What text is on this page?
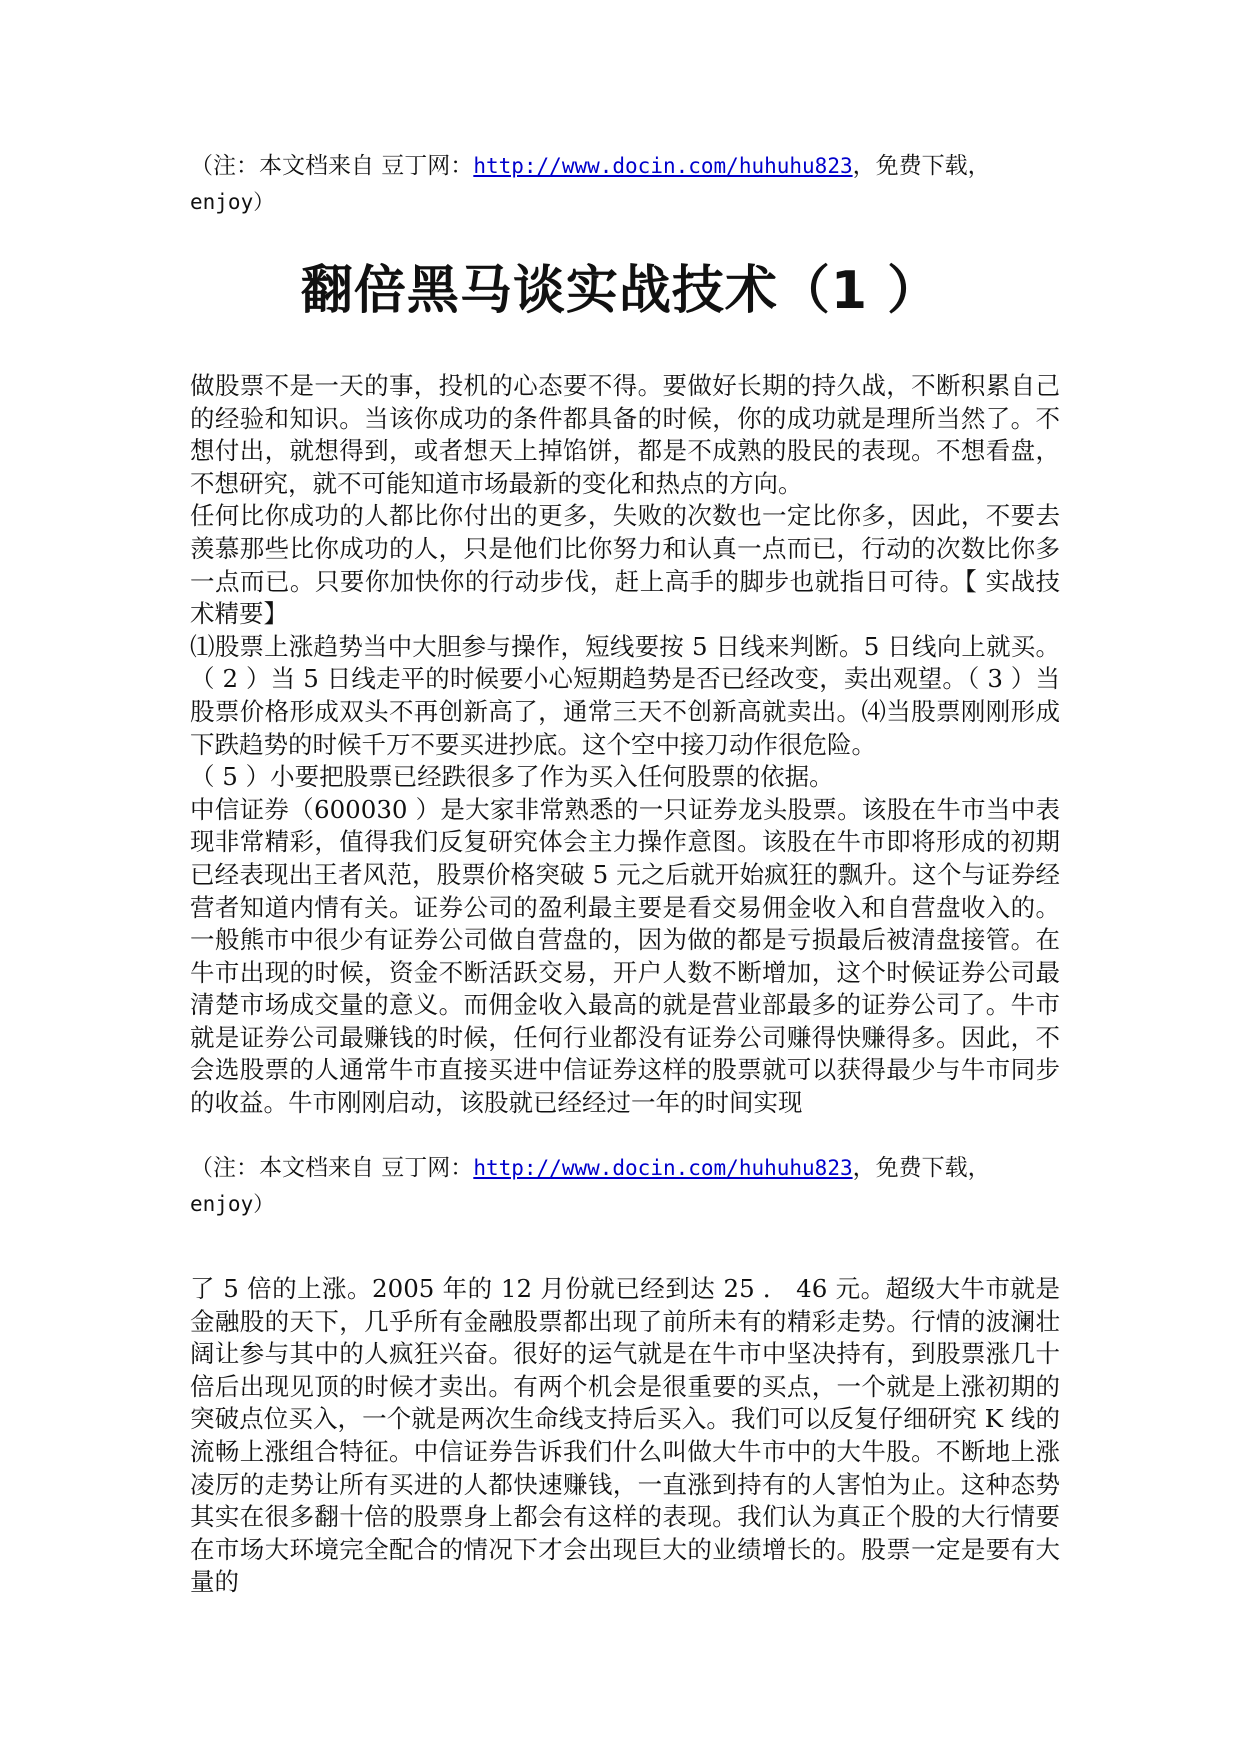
（注：本文档来自 豆丁网：http://www.docin.com/huhuhu823，免费下载，
enjoy）

翻倍黑马谈实战技术（1 ）

做股票不是一天的事，投机的心态要不得。要做好长期的持久战，不断积累自己的经验和知识。当该你成功的条件都具备的时候，你的成功就是理所当然了。不想付出，就想得到，或者想天上掉馅饼，都是不成熟的股民的表现。不想看盘，不想研究，就不可能知道市场最新的变化和热点的方向。

任何比你成功的人都比你付出的更多，失败的次数也一定比你多，因此，不要去羡慕那些比你成功的人，只是他们比你努力和认真一点而已，行动的次数比你多一点而已。只要你加快你的行动步伐，赶上高手的脚步也就指日可待。【 实战技术精要】

⑴股票上涨趋势当中大胆参与操作，短线要按 5 日线来判断。5 日线向上就买。（ 2 ）当 5 日线走平的时候要小心短期趋势是否已经改变，卖出观望。（ 3 ）当股票价格形成双头不再创新高了，通常三天不创新高就卖出。⑷当股票刚刚形成下跌趋势的时候千万不要买进抄底。这个空中接刀动作很危险。

（ 5 ）小要把股票已经跌很多了作为买入任何股票的依据。

中信证券（600030 ）是大家非常熟悉的一只证券龙头股票。该股在牛市当中表现非常精彩，值得我们反复研究体会主力操作意图。该股在牛市即将形成的初期已经表现出王者风范，股票价格突破 5 元之后就开始疯狂的飘升。这个与证券经营者知道内情有关。证券公司的盈利最主要是看交易佣金收入和自营盘收入的。一般熊市中很少有证券公司做自营盘的，因为做的都是亏损最后被清盘接管。在牛市出现的时候，资金不断活跃交易，开户人数不断增加，这个时候证券公司最清楚市场成交量的意义。而佣金收入最高的就是营业部最多的证券公司了。牛市就是证券公司最赚钱的时候，任何行业都没有证券公司赚得快赚得多。因此，不会选股票的人通常牛市直接买进中信证券这样的股票就可以获得最少与牛市同步的收益。牛市刚刚启动，该股就已经经过一年的时间实现

（注：本文档来自 豆丁网：http://www.docin.com/huhuhu823，免费下载，
enjoy）

了 5 倍的上涨。2005 年的 12 月份就已经到达 25 ． 46 元。超级大牛市就是金融股的天下，几乎所有金融股票都出现了前所未有的精彩走势。行情的波澜壮阔让参与其中的人疯狂兴奋。很好的运气就是在牛市中坚决持有，到股票涨几十倍后出现见顶的时候才卖出。有两个机会是很重要的买点，一个就是上涨初期的突破点位买入，一个就是两次生命线支持后买入。我们可以反复仔细研究 K 线的流畅上涨组合特征。中信证券告诉我们什么叫做大牛市中的大牛股。不断地上涨凌厉的走势让所有买进的人都快速赚钱，一直涨到持有的人害怕为止。这种态势其实在很多翻十倍的股票身上都会有这样的表现。我们认为真正个股的大行情要在市场大环境完全配合的情况下才会出现巨大的业绩增长的。股票一定是要有大量的
